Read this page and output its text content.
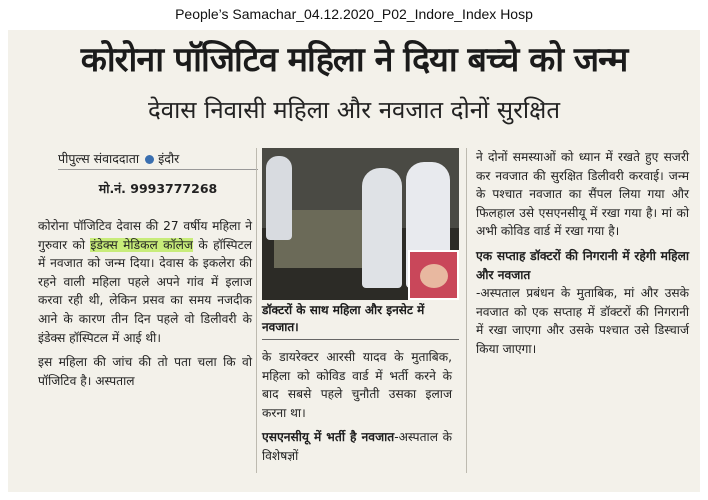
People’s Samachar_04.12.2020_P02_Indore_Index Hosp
कोरोना पॉजिटिव महिला ने दिया बच्चे को जन्म
देवास निवासी महिला और नवजात दोनों सुरक्षित
पीपुल्स संवाददाता इंदौर
मो.नं. 9993777268
कोरोना पॉजिटिव देवास की 27 वर्षीय महिला ने गुरुवार को इंडेक्स मेडिकल कॉलेज के हॉस्पिटल में नवजात को जन्म दिया। देवास के इकलेरा की रहने वाली महिला पहले अपने गांव में इलाज करवा रही थी, लेकिन प्रसव का समय नजदीक आने के कारण तीन दिन पहले वो डिलीवरी के इंडेक्स हॉस्पिटल में आई थी।
इस महिला की जांच की तो पता चला कि वो पॉजिटिव है। अस्पताल
डॉक्टरों के साथ महिला और इनसेट में नवजात।
के डायरेक्टर आरसी यादव के मुताबिक, महिला को कोविड वार्ड में भर्ती करने के बाद सबसे पहले चुनौती उसका इलाज करना था।
एसएनसीयू में भर्ती है नवजात-अस्पताल के विशेषज्ञों
ने दोनों समस्याओं को ध्यान में रखते हुए सजरी कर नवजात की सुरक्षित डिलीवरी करवाई। जन्म के पश्चात नवजात का सैंपल लिया गया और फिलहाल उसे एसएनसीयू में रखा गया है। मां को अभी कोविड वार्ड में रखा गया है।
एक सप्ताह डॉक्टरों की निगरानी में रहेगी महिला और नवजात
-अस्पताल प्रबंधन के मुताबिक, मां और उसके नवजात को एक सप्ताह में डॉक्टरों की निगरानी में रखा जाएगा और उसके पश्चात उसे डिस्चार्ज किया जाएगा।
